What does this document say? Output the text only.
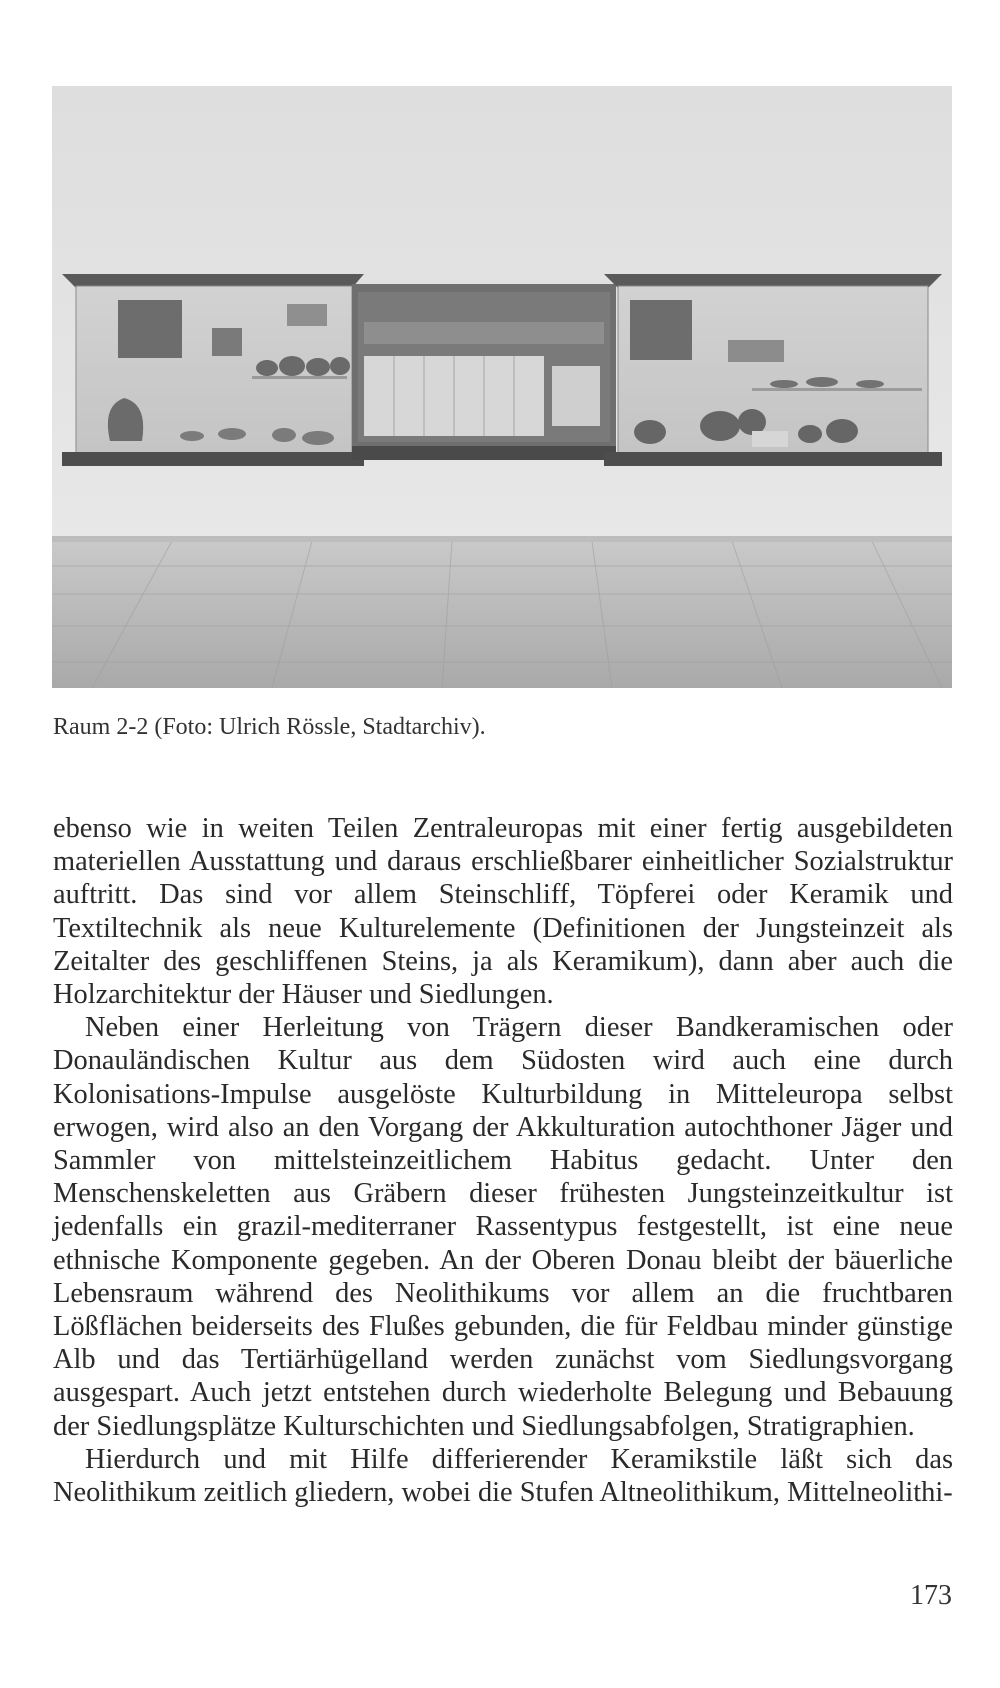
Raum 2-2 (Foto: Ulrich Rössle, Stadtarchiv).

ebenso wie in weiten Teilen Zentraleuropas mit einer fertig ausgebildeten materiellen Ausstattung und daraus erschließbarer einheitlicher Sozialstruktur auftritt. Das sind vor allem Steinschliff, Töpferei oder Keramik und Textiltechnik als neue Kulturelemente (Definitionen der Jungsteinzeit als Zeitalter des geschliffenen Steins, ja als Keramikum), dann aber auch die Holzarchitektur der Häuser und Siedlungen.

Neben einer Herleitung von Trägern dieser Bandkeramischen oder Donauländischen Kultur aus dem Südosten wird auch eine durch Kolonisations-Impulse ausgelöste Kulturbildung in Mitteleuropa selbst erwogen, wird also an den Vorgang der Akkulturation autochthoner Jäger und Sammler von mittelsteinzeitlichem Habitus gedacht. Unter den Menschenskeletten aus Gräbern dieser frühesten Jungsteinzeitkultur ist jedenfalls ein grazil-mediterraner Rassentypus festgestellt, ist eine neue ethnische Komponente gegeben. An der Oberen Donau bleibt der bäuerliche Lebensraum während des Neolithikums vor allem an die fruchtbaren Lößflächen beiderseits des Flußes gebunden, die für Feldbau minder günstige Alb und das Tertiärhügelland werden zunächst vom Siedlungsvorgang ausgespart. Auch jetzt entstehen durch wiederholte Belegung und Bebauung der Siedlungsplätze Kulturschichten und Siedlungsabfolgen, Stratigraphien.

Hierdurch und mit Hilfe differierender Keramikstile läßt sich das Neolithikum zeitlich gliedern, wobei die Stufen Altneolithikum, Mittelneolithi-

173
